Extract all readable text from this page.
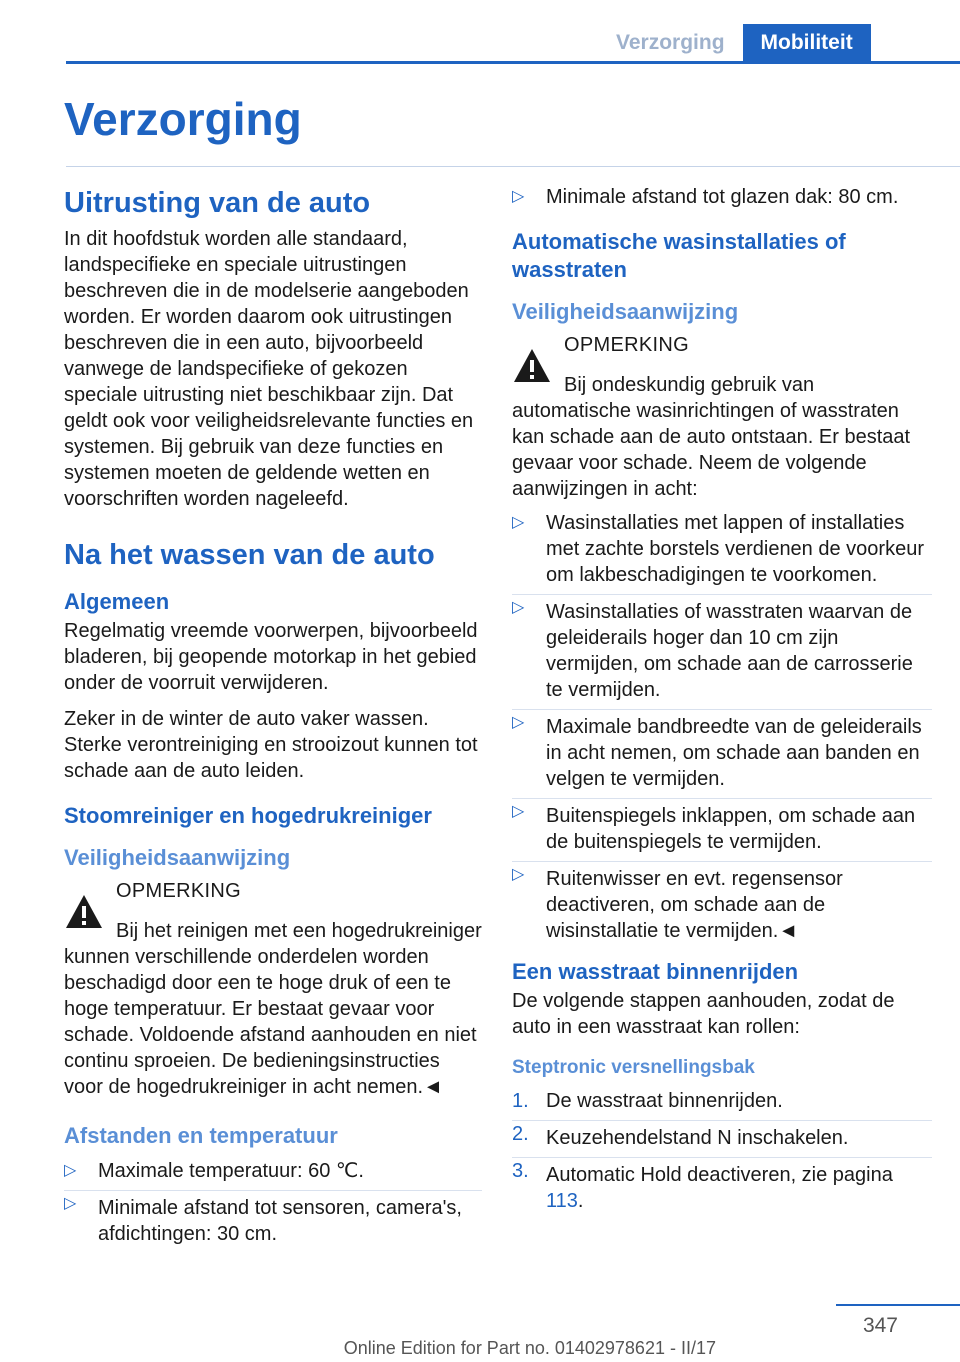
Verzorging	Mobiliteit
Verzorging
Uitrusting van de auto

In dit hoofdstuk worden alle standaard, landspecifieke en speciale uitrustingen beschreven die in de modelserie aangeboden worden. Er worden daarom ook uitrustingen beschreven die in een auto, bijvoorbeeld vanwege de landspecifieke of gekozen speciale uitrusting niet beschikbaar zijn. Dat geldt ook voor veiligheidsrelevante functies en systemen. Bij gebruik van deze functies en systemen moeten de geldende wetten en voorschriften worden nageleefd.

Na het wassen van de auto
Algemeen

Regelmatig vreemde voorwerpen, bijvoorbeeld bladeren, bij geopende motorkap in het gebied onder de voorruit verwijderen.

Zeker in de winter de auto vaker wassen. Sterke verontreiniging en strooizout kunnen tot schade aan de auto leiden.

Stoomreiniger en hogedrukreiniger
Veiligheidsaanwijzing
OPMERKING
Bij het reinigen met een hogedrukreiniger kunnen verschillende onderdelen worden beschadigd door een te hoge druk of een te hoge temperatuur. Er bestaat gevaar voor schade. Voldoende afstand aanhouden en niet continu sproeien. De bedieningsinstructies voor de hogedrukreiniger in acht nemen.◄
Afstanden en temperatuur
▷ Maximale temperatuur: 60 ℃.
▷ Minimale afstand tot sensoren, camera's, afdichtingen: 30 cm.
▷ Minimale afstand tot glazen dak: 80 cm.
Automatische wasinstallaties of wasstraten
Veiligheidsaanwijzing
OPMERKING
Bij ondeskundig gebruik van automatische wasinrichtingen of wasstraten kan schade aan de auto ontstaan. Er bestaat gevaar voor schade. Neem de volgende aanwijzingen in acht:
▷ Wasinstallaties met lappen of installaties met zachte borstels verdienen de voorkeur om lakbeschadigingen te voorkomen.
▷ Wasinstallaties of wasstraten waarvan de geleiderails hoger dan 10 cm zijn vermijden, om schade aan de carrosserie te vermijden.
▷ Maximale bandbreedte van de geleiderails in acht nemen, om schade aan banden en velgen te vermijden.
▷ Buitenspiegels inklappen, om schade aan de buitenspiegels te vermijden.
▷ Ruitenwisser en evt. regensensor deactiveren, om schade aan de wisinstallatie te vermijden.◄
Een wasstraat binnenrijden

De volgende stappen aanhouden, zodat de auto in een wasstraat kan rollen:

Steptronic versnellingsbak
1. De wasstraat binnenrijden.
2. Keuzehendelstand N inschakelen.
3. Automatic Hold deactiveren, zie pagina 113.
347
Online Edition for Part no. 01402978621 - II/17
